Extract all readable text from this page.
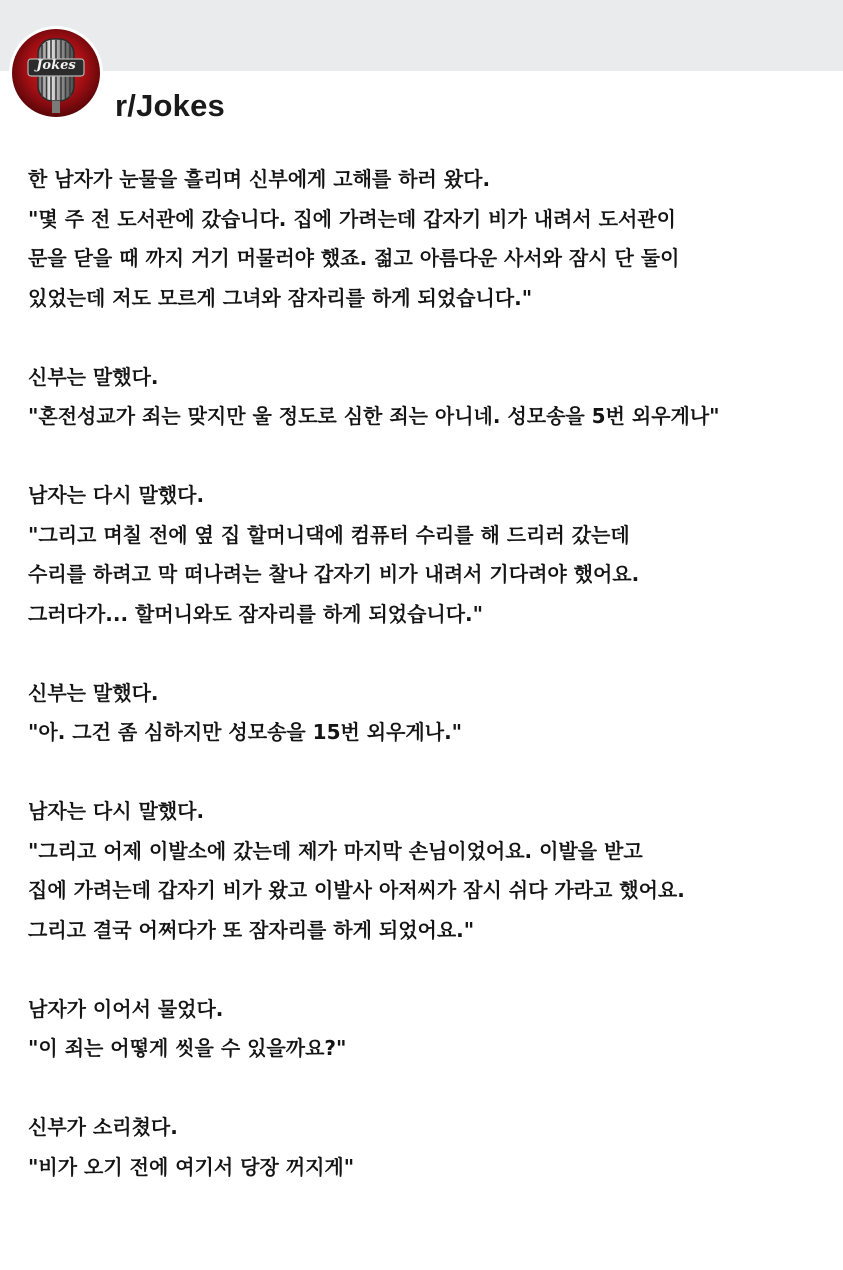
Jokes
r/Jokes
한 남자가 눈물을 흘리며 신부에게 고해를 하러 왔다.
"몇 주 전 도서관에 갔습니다. 집에 가려는데 갑자기 비가 내려서 도서관이
문을 닫을 때 까지 거기 머물러야 했죠. 젊고 아름다운 사서와 잠시 단 둘이
있었는데 저도 모르게 그녀와 잠자리를 하게 되었습니다."
신부는 말했다.
"혼전성교가 죄는 맞지만 울 정도로 심한 죄는 아니네. 성모송을 5번 외우게나"
남자는 다시 말했다.
"그리고 며칠 전에 옆 집 할머니댁에 컴퓨터 수리를 해 드리러 갔는데
수리를 하려고 막 떠나려는 찰나 갑자기 비가 내려서 기다려야 했어요.
그러다가... 할머니와도 잠자리를 하게 되었습니다."
신부는 말했다.
"아. 그건 좀 심하지만 성모송을 15번 외우게나."
남자는 다시 말했다.
"그리고 어제 이발소에 갔는데 제가 마지막 손님이었어요. 이발을 받고
집에 가려는데 갑자기 비가 왔고 이발사 아저씨가 잠시 쉬다 가라고 했어요.
그리고 결국 어쩌다가 또 잠자리를 하게 되었어요."
남자가 이어서 물었다.
"이 죄는 어떻게 씻을 수 있을까요?"
신부가 소리쳤다.
"비가 오기 전에 여기서 당장 꺼지게"
